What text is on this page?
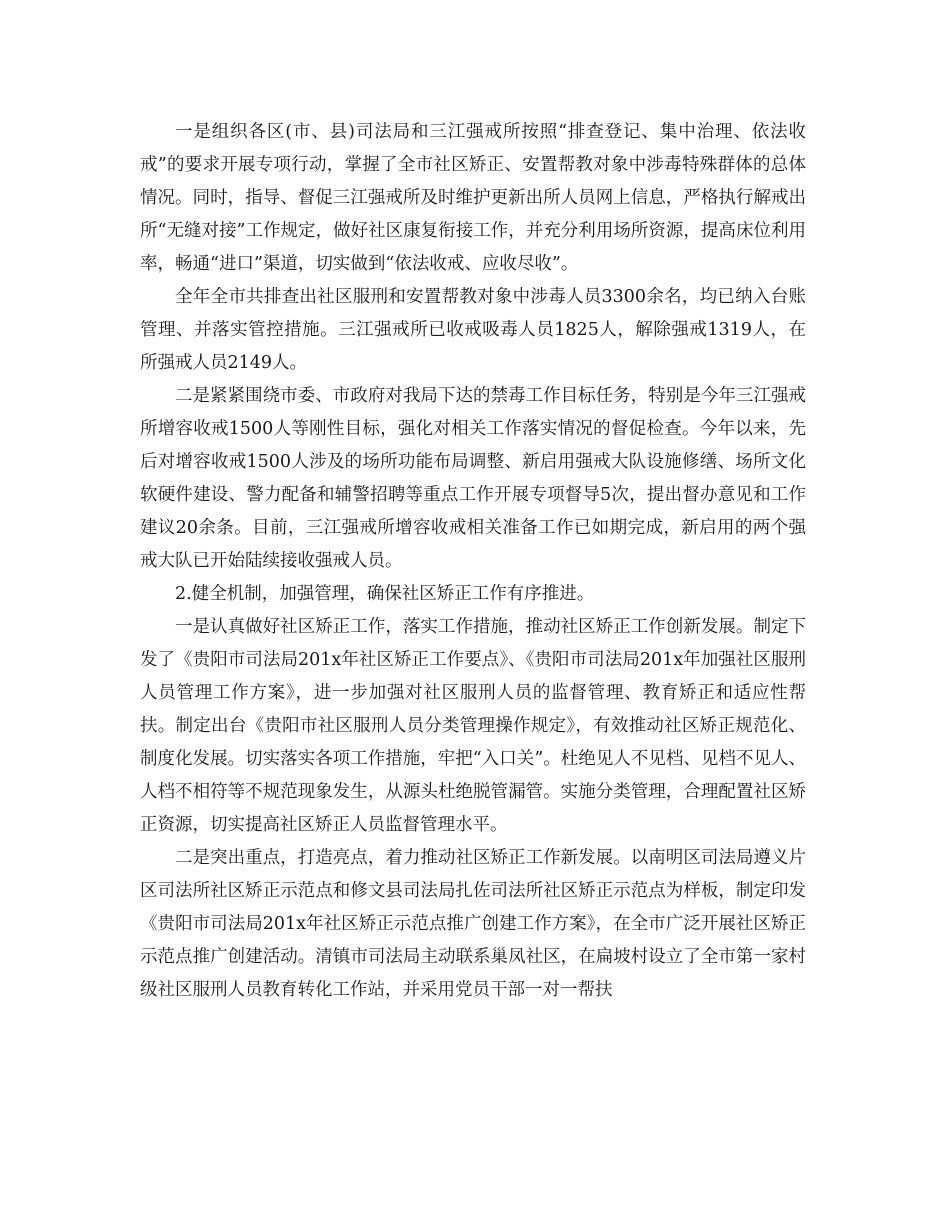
一是组织各区(市、县)司法局和三江强戒所按照“排查登记、集中治理、依法收戒”的要求开展专项行动，掌握了全市社区矫正、安置帮教对象中涉毒特殊群体的总体情况。同时，指导、督促三江强戒所及时维护更新出所人员网上信息，严格执行解戒出所“无缝对接”工作规定，做好社区康复衔接工作，并充分利用场所资源，提高床位利用率，畅通“进口”渠道，切实做到“依法收戒、应收尽收”。

全年全市共排查出社区服刑和安置帮教对象中涉毒人员3300余名，均已纳入台账管理、并落实管控措施。三江强戒所已收戒吸毒人员1825人，解除强戒1319人，在所强戒人员2149人。

二是紧紧围绕市委、市政府对我局下达的禁毒工作目标任务，特别是今年三江强戒所增容收戒1500人等刚性目标，强化对相关工作落实情况的督促检查。今年以来，先后对增容收戒1500人涉及的场所功能布局调整、新启用强戒大队设施修缮、场所文化软硬件建设、警力配备和辅警招聘等重点工作开展专项督导5次，提出督办意见和工作建议20余条。目前，三江强戒所增容收戒相关准备工作已如期完成，新启用的两个强戒大队已开始陆续接收强戒人员。

2.健全机制，加强管理，确保社区矫正工作有序推进。

一是认真做好社区矫正工作，落实工作措施，推动社区矫正工作创新发展。制定下发了《贵阳市司法局201x年社区矫正工作要点》、《贵阳市司法局201x年加强社区服刑人员管理工作方案》，进一步加强对社区服刑人员的监督管理、教育矫正和适应性帮扶。制定出台《贵阳市社区服刑人员分类管理操作规定》，有效推动社区矫正规范化、制度化发展。切实落实各项工作措施，牢把“入口关”。杜绝见人不见档、见档不见人、人档不相符等不规范现象发生，从源头杜绝脱管漏管。实施分类管理，合理配置社区矫正资源，切实提高社区矫正人员监督管理水平。

二是突出重点，打造亮点，着力推动社区矫正工作新发展。以南明区司法局遵义片区司法所社区矫正示范点和修文县司法局扎佐司法所社区矫正示范点为样板，制定印发《贵阳市司法局201x年社区矫正示范点推广创建工作方案》，在全市广泛开展社区矫正示范点推广创建活动。清镇市司法局主动联系巢凤社区，在扁坡村设立了全市第一家村级社区服刑人员教育转化工作站，并采用党员干部一对一帮扶
